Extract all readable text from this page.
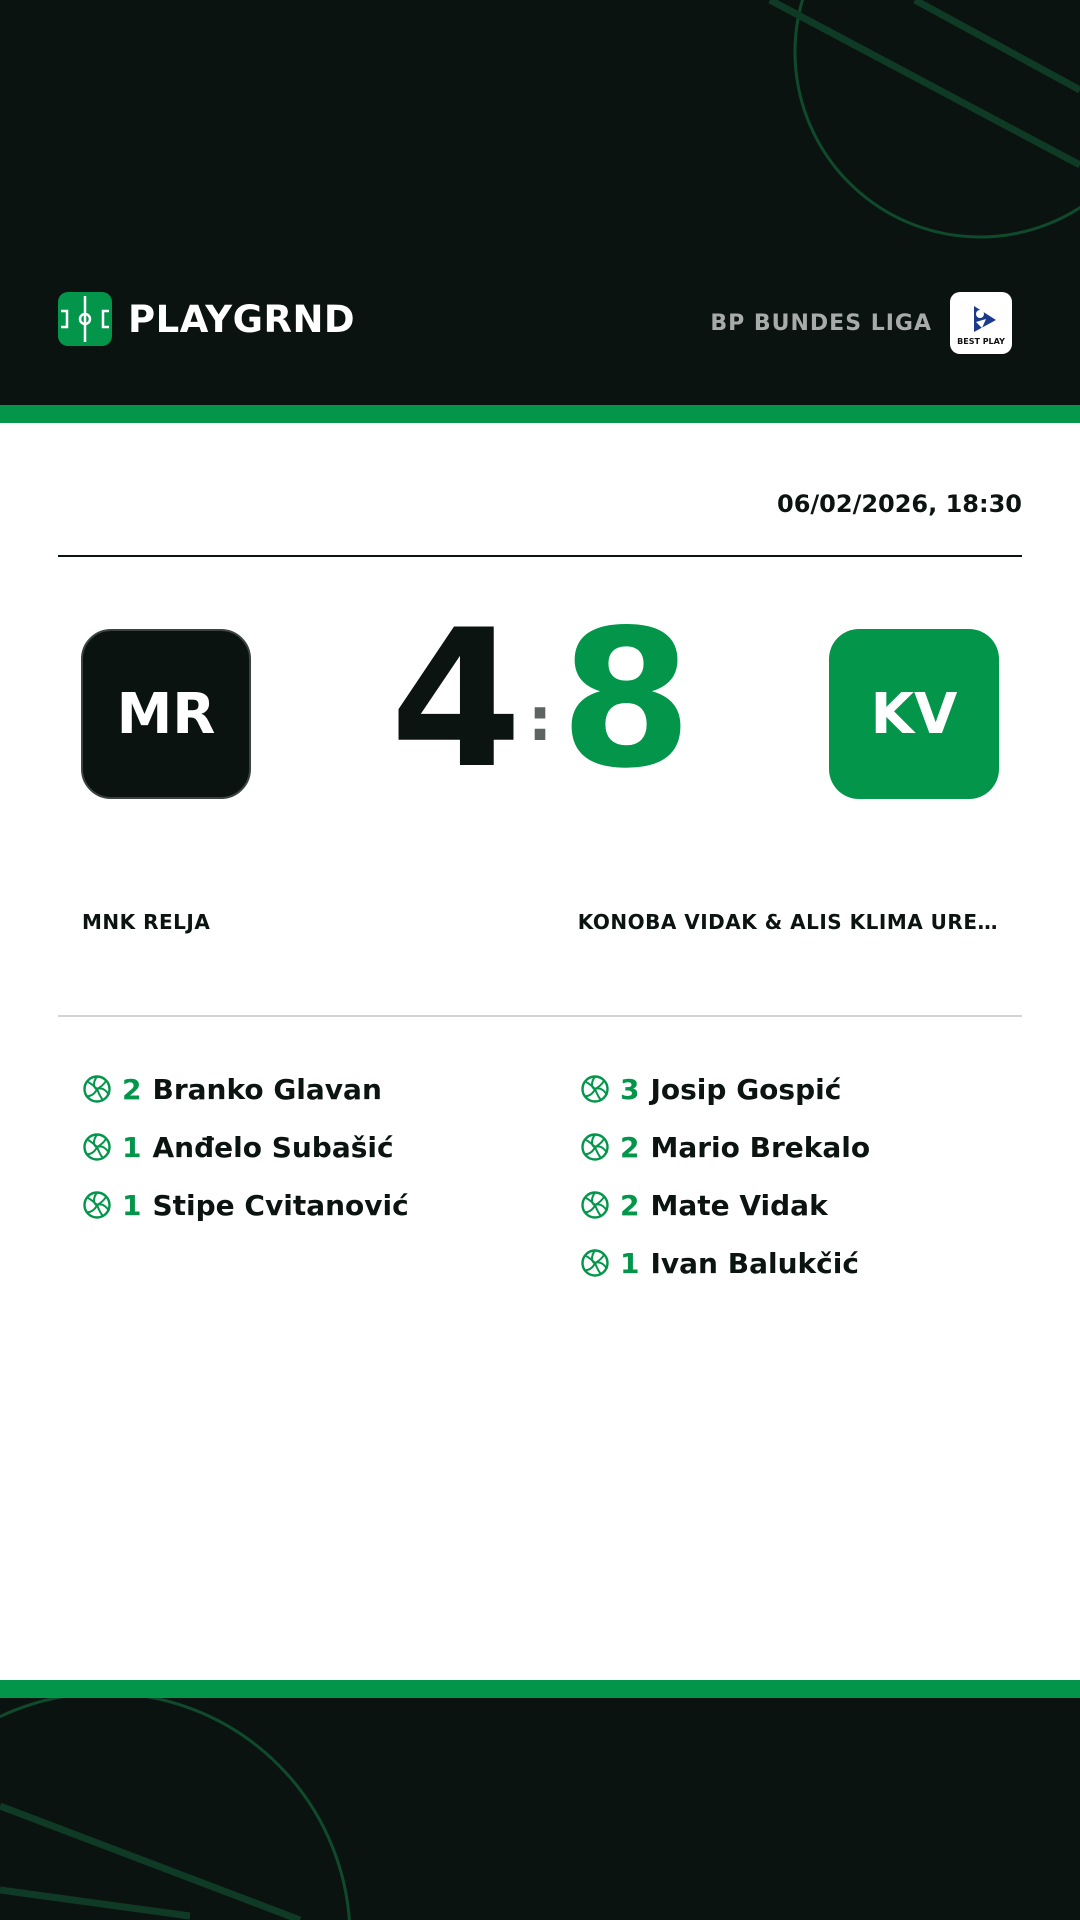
PLAYGRND	BP BUNDES LIGA
BEST PLAY
06/02/2026, 18:30
MR 4 : 8	KV
MNK RELJA	KONOBA VIDAK & ALIS KLIMA URE…
2 Branko Glavan
1 Anđelo Subašić
1 Stipe Cvitanović
3 Josip Gospić
2 Mario Brekalo
2 Mate Vidak
1 Ivan Balukčić
